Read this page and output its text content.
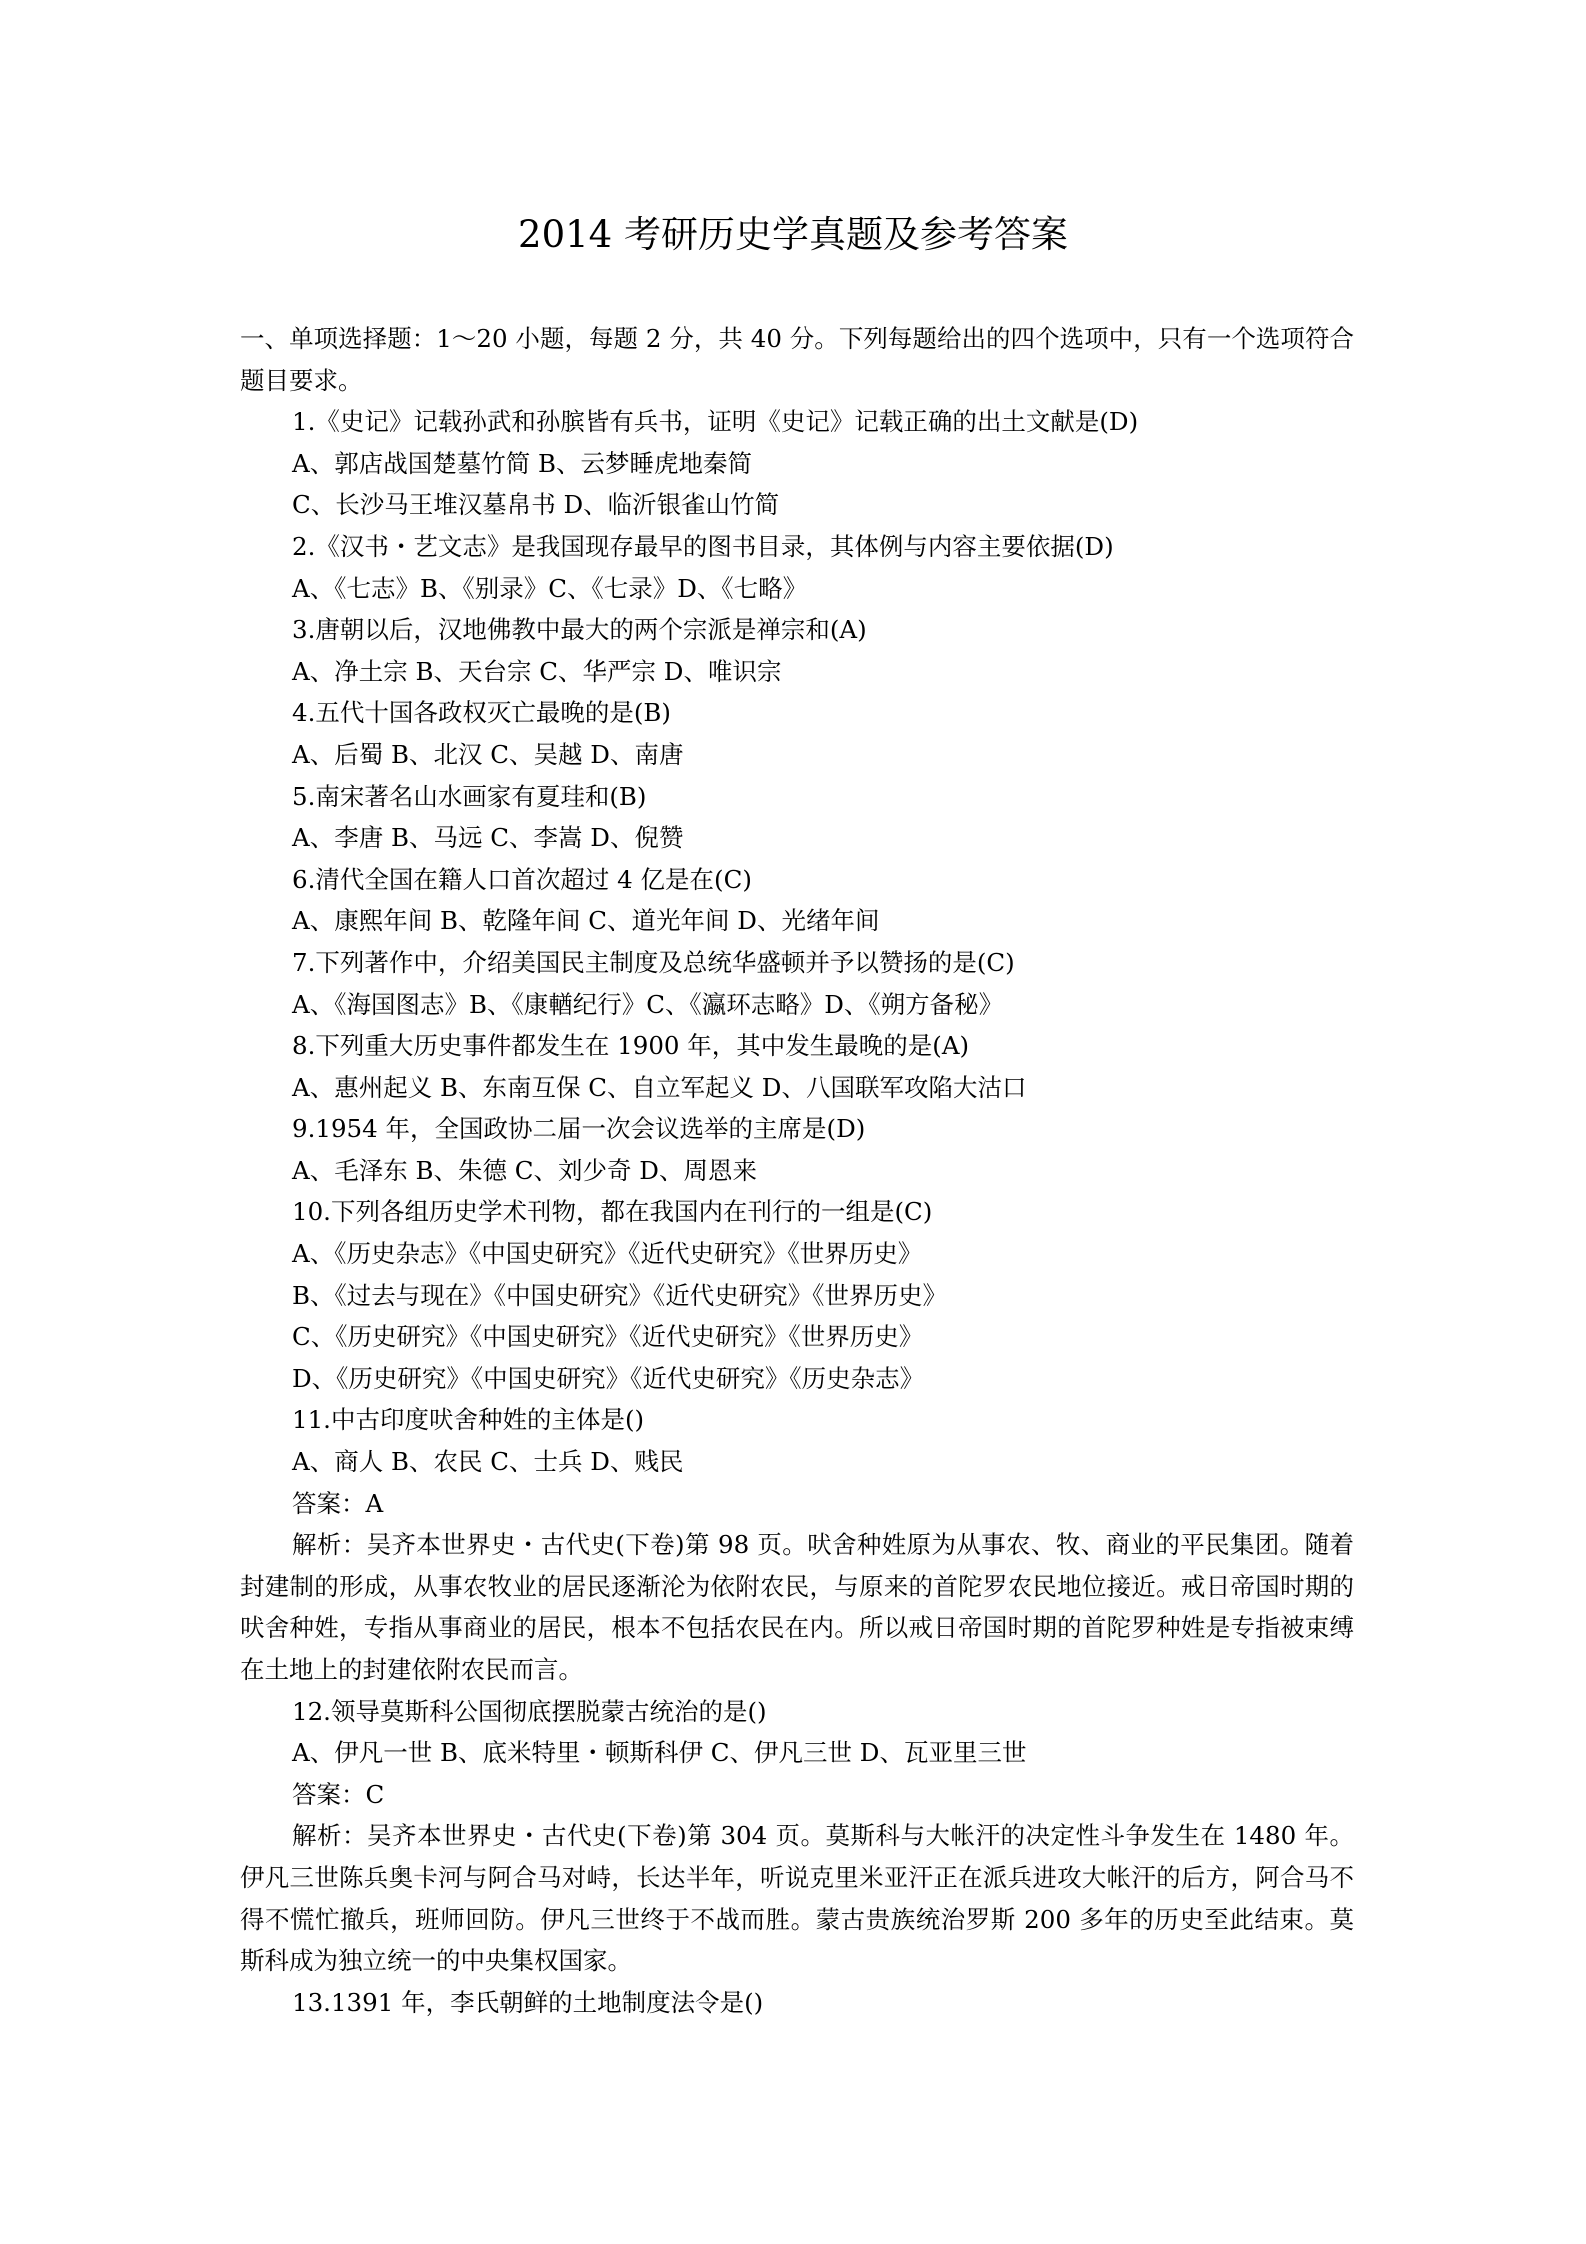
2014 考研历史学真题及参考答案

一、单项选择题：1～20 小题，每题 2 分，共 40 分。下列每题给出的四个选项中，只有一个选项符合题目要求。

1.《史记》记载孙武和孙膑皆有兵书，证明《史记》记载正确的出土文献是(D)

A、郭店战国楚墓竹简 B、云梦睡虎地秦简

C、长沙马王堆汉墓帛书 D、临沂银雀山竹简

2.《汉书・艺文志》是我国现存最早的图书目录，其体例与内容主要依据(D)

A、《七志》B、《别录》C、《七录》D、《七略》

3.唐朝以后，汉地佛教中最大的两个宗派是禅宗和(A)

A、净土宗 B、天台宗 C、华严宗 D、唯识宗

4.五代十国各政权灭亡最晚的是(B)

A、后蜀 B、北汉 C、吴越 D、南唐

5.南宋著名山水画家有夏珪和(B)

A、李唐 B、马远 C、李嵩 D、倪赞

6.清代全国在籍人口首次超过 4 亿是在(C)

A、康熙年间 B、乾隆年间 C、道光年间 D、光绪年间

7.下列著作中，介绍美国民主制度及总统华盛顿并予以赞扬的是(C)

A、《海国图志》B、《康輶纪行》C、《瀛环志略》D、《朔方备秘》

8.下列重大历史事件都发生在 1900 年，其中发生最晚的是(A)

A、惠州起义 B、东南互保 C、自立军起义 D、八国联军攻陷大沽口

9.1954 年，全国政协二届一次会议选举的主席是(D)

A、毛泽东 B、朱德 C、刘少奇 D、周恩来

10.下列各组历史学术刊物，都在我国内在刊行的一组是(C)

A、《历史杂志》《中国史研究》《近代史研究》《世界历史》

B、《过去与现在》《中国史研究》《近代史研究》《世界历史》

C、《历史研究》《中国史研究》《近代史研究》《世界历史》

D、《历史研究》《中国史研究》《近代史研究》《历史杂志》

11.中古印度吠舍种姓的主体是()

A、商人 B、农民 C、士兵 D、贱民

答案：A

解析：吴齐本世界史・古代史(下卷)第 98 页。吠舍种姓原为从事农、牧、商业的平民集团。随着封建制的形成，从事农牧业的居民逐渐沦为依附农民，与原来的首陀罗农民地位接近。戒日帝国时期的吠舍种姓，专指从事商业的居民，根本不包括农民在内。所以戒日帝国时期的首陀罗种姓是专指被束缚在土地上的封建依附农民而言。

12.领导莫斯科公国彻底摆脱蒙古统治的是()

A、伊凡一世 B、底米特里・顿斯科伊 C、伊凡三世 D、瓦亚里三世

答案：C

解析：吴齐本世界史・古代史(下卷)第 304 页。莫斯科与大帐汗的决定性斗争发生在 1480 年。伊凡三世陈兵奥卡河与阿合马对峙，长达半年，听说克里米亚汗正在派兵进攻大帐汗的后方，阿合马不得不慌忙撤兵，班师回防。伊凡三世终于不战而胜。蒙古贵族统治罗斯 200 多年的历史至此结束。莫斯科成为独立统一的中央集权国家。

13.1391 年，李氏朝鲜的土地制度法令是()
